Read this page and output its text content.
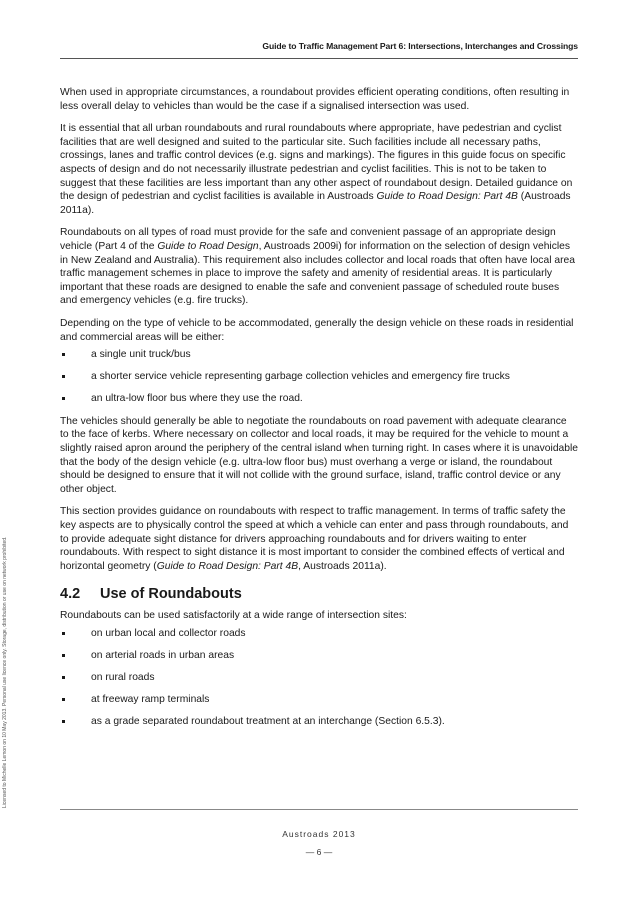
Guide to Traffic Management Part 6: Intersections, Interchanges and Crossings
Licensed to Michelle Lemon on 10 May 2013. Personal use licence only. Storage, distribution or use on network prohibited.

When used in appropriate circumstances, a roundabout provides efficient operating conditions, often resulting in less overall delay to vehicles than would be the case if a signalised intersection was used.

It is essential that all urban roundabouts and rural roundabouts where appropriate, have pedestrian and cyclist facilities that are well designed and suited to the particular site. Such facilities include all necessary paths, crossings, lanes and traffic control devices (e.g. signs and markings). The figures in this guide focus on specific aspects of design and do not necessarily illustrate pedestrian and cyclist facilities. This is not to be taken to suggest that these facilities are less important than any other aspect of roundabout design. Detailed guidance on the design of pedestrian and cyclist facilities is available in Austroads Guide to Road Design: Part 4B (Austroads 2011a).

Roundabouts on all types of road must provide for the safe and convenient passage of an appropriate design vehicle (Part 4 of the Guide to Road Design, Austroads 2009i) for information on the selection of design vehicles in New Zealand and Australia). This requirement also includes collector and local roads that often have local area traffic management schemes in place to improve the safety and amenity of residential areas. It is particularly important that these roads are designed to enable the safe and convenient passage of scheduled route buses and emergency vehicles (e.g. fire trucks).

Depending on the type of vehicle to be accommodated, generally the design vehicle on these roads in residential and commercial areas will be either:

a single unit truck/bus
a shorter service vehicle representing garbage collection vehicles and emergency fire trucks
an ultra-low floor bus where they use the road.

The vehicles should generally be able to negotiate the roundabouts on road pavement with adequate clearance to the face of kerbs. Where necessary on collector and local roads, it may be required for the vehicle to mount a slightly raised apron around the periphery of the central island when turning right. In cases where it is unavoidable that the body of the design vehicle (e.g. ultra-low floor bus) must overhang a verge or island, the roundabout should be designed to ensure that it will not collide with the ground surface, island, traffic control device or any other object.

This section provides guidance on roundabouts with respect to traffic management. In terms of traffic safety the key aspects are to physically control the speed at which a vehicle can enter and pass through roundabouts, and to provide adequate sight distance for drivers approaching roundabouts and for drivers waiting to enter roundabouts. With respect to sight distance it is most important to consider the combined effects of vertical and horizontal geometry (Guide to Road Design: Part 4B, Austroads 2011a).

4.2	Use of Roundabouts

Roundabouts can be used satisfactorily at a wide range of intersection sites:

on urban local and collector roads
on arterial roads in urban areas
on rural roads
at freeway ramp terminals
as a grade separated roundabout treatment at an interchange (Section 6.5.3).
Austroads 2013
— 6 —
